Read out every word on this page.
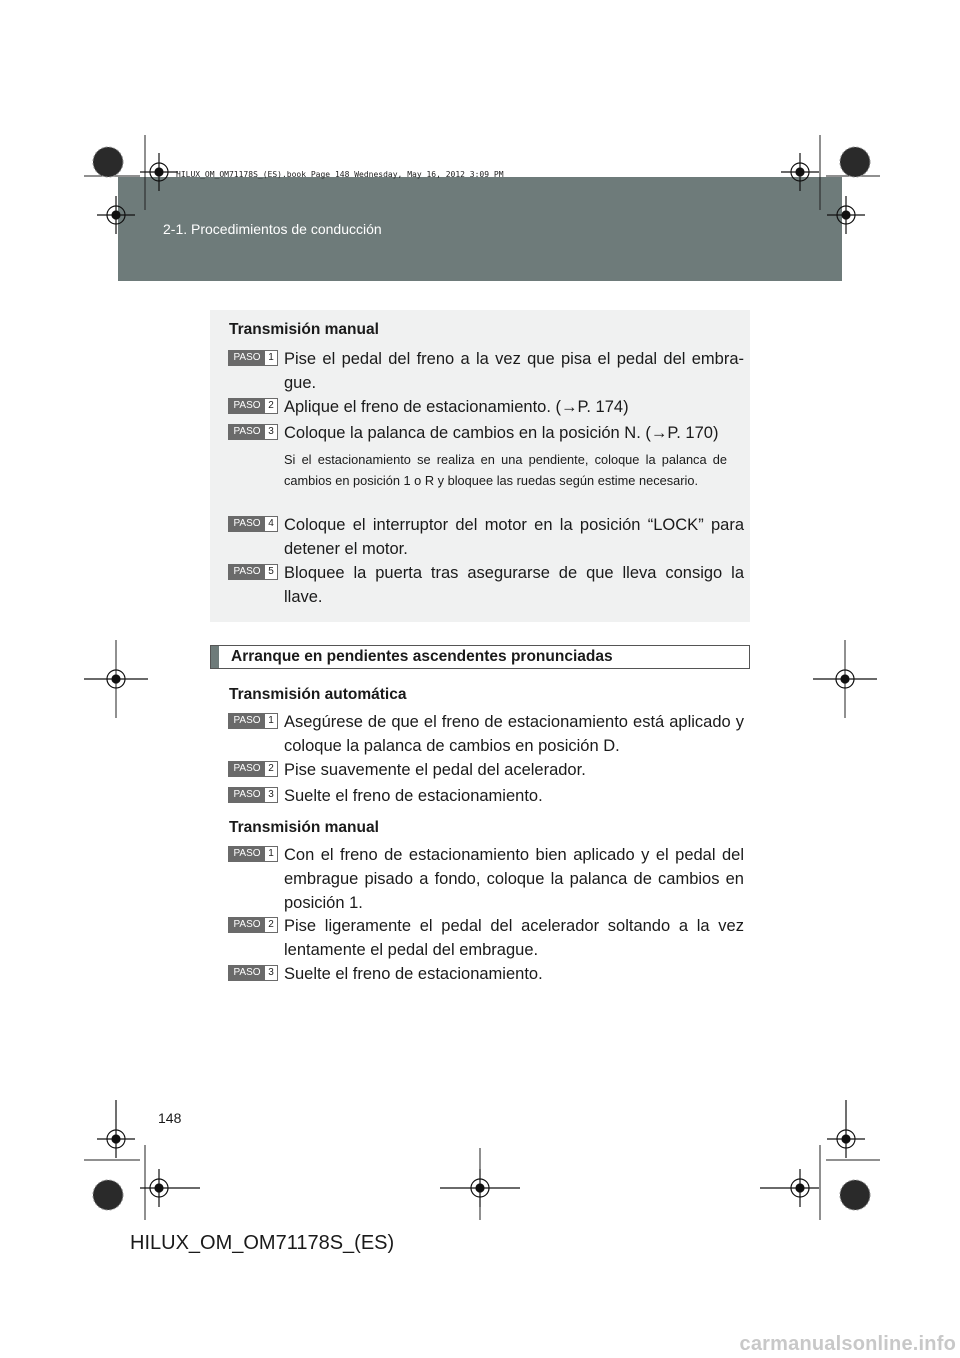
HILUX_OM_OM71178S_(ES).book Page 148 Wednesday, May 16, 2012 3:09 PM
2-1. Procedimientos de conducción
Transmisión manual
PASO 1 Pise el pedal del freno a la vez que pisa el pedal del embra-gue.
PASO 2 Aplique el freno de estacionamiento. (→P. 174)
PASO 3 Coloque la palanca de cambios en la posición N. (→P. 170)
Si el estacionamiento se realiza en una pendiente, coloque la palanca de cambios en posición 1 o R y bloquee las ruedas según estime necesario.
PASO 4 Coloque el interruptor del motor en la posición “LOCK” para detener el motor.
PASO 5 Bloquee la puerta tras asegurarse de que lleva consigo la llave.
Arranque en pendientes ascendentes pronunciadas
Transmisión automática
PASO 1 Asegúrese de que el freno de estacionamiento está aplicado y coloque la palanca de cambios en posición D.
PASO 2 Pise suavemente el pedal del acelerador.
PASO 3 Suelte el freno de estacionamiento.
Transmisión manual
PASO 1 Con el freno de estacionamiento bien aplicado y el pedal del embrague pisado a fondo, coloque la palanca de cambios en posición 1.
PASO 2 Pise ligeramente el pedal del acelerador soltando a la vez lentamente el pedal del embrague.
PASO 3 Suelte el freno de estacionamiento.
148
HILUX_OM_OM71178S_(ES)
carmanualsonline.info
